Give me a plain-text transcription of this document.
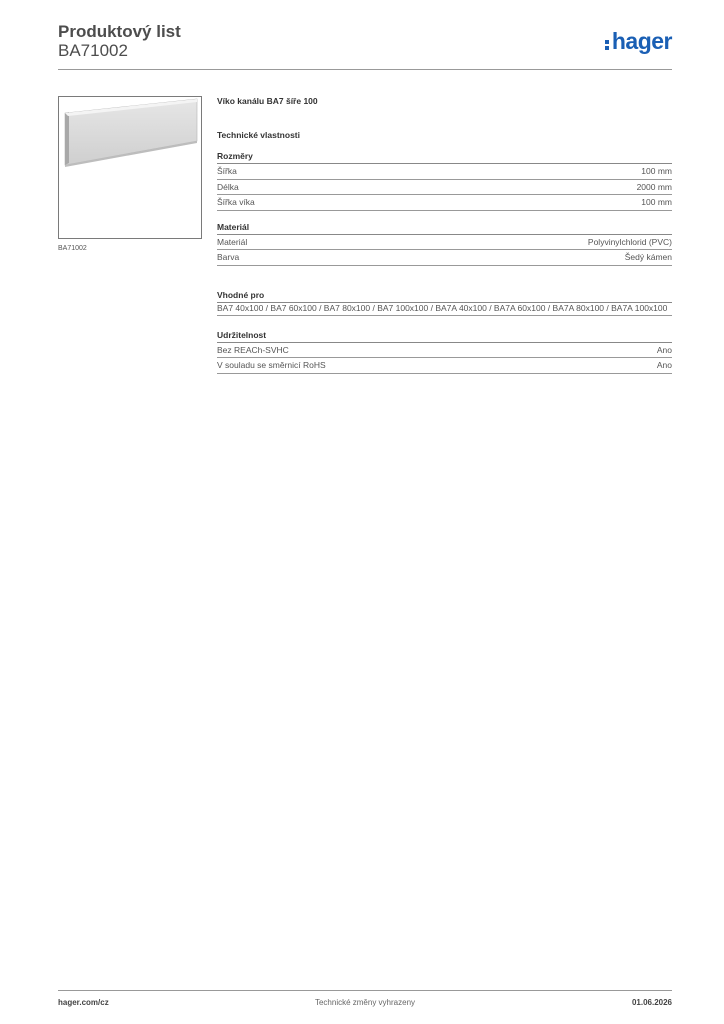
Produktový list
BA71002	hager
BA71002
Víko kanálu BA7 šíře 100
Technické vlastnosti
Rozměry
Šířka	100 mm
Délka	2000 mm
Šířka víka	100 mm
Materiál
Materiál	Polyvinylchlorid (PVC)
Barva	Šedý kámen
Vhodné pro
BA7 40x100 / BA7 60x100 / BA7 80x100 / BA7 100x100 / BA7A 40x100 / BA7A 60x100 / BA7A 80x100 / BA7A 100x100
Udržitelnost
Bez REACh-SVHC	Ano
V souladu se směrnicí RoHS	Ano
hager.com/cz	Technické změny vyhrazeny	01.06.2026
